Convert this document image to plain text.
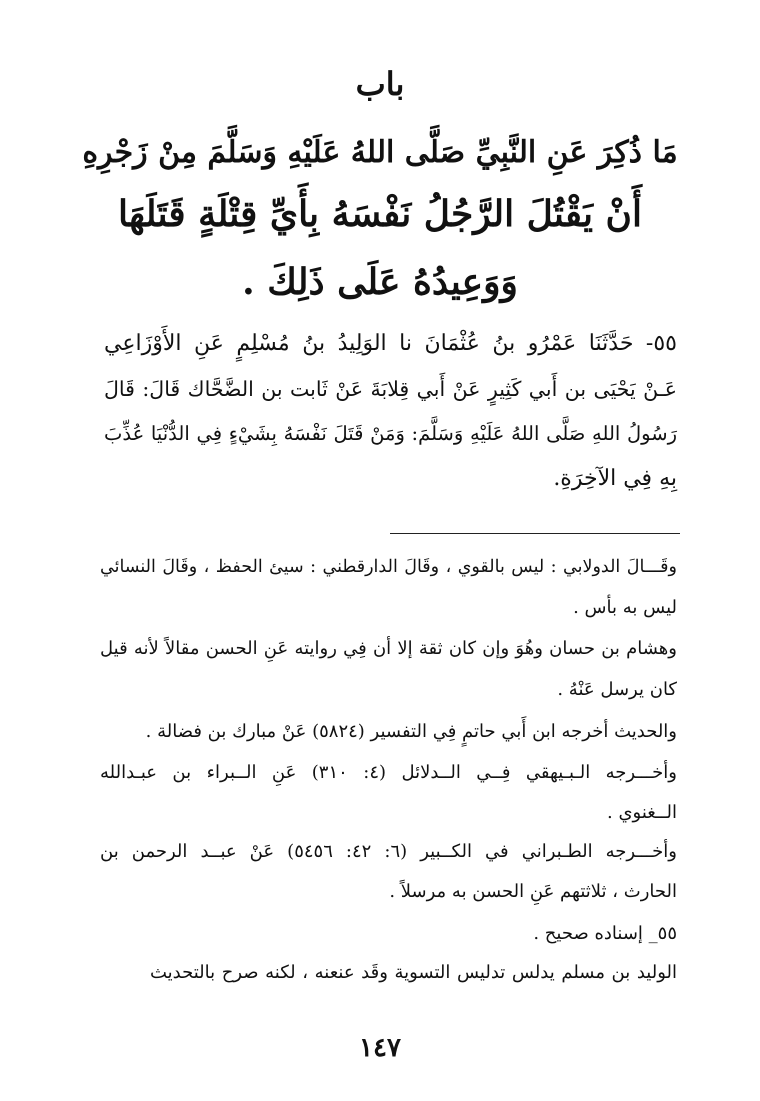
باب
مَا ذُكِرَ عَنِ النَّبِيِّ صَلَّى اللهُ عَلَيْهِ وَسَلَّمَ مِنْ زَجْرِهِ
أَنْ يَقْتُلَ الرَّجُلُ نَفْسَهُ بِأَيِّ قِتْلَةٍ قَتَلَهَا
وَوَعِيدُهُ عَلَى ذَلِكَ .
٥٥- حَدَّثَنَا عَمْرُو بنُ عُثْمَانَ نا الوَلِيدُ بنُ مُسْلِمٍ عَنِ الأَوْزَاعِي
عَـنْ يَحْيَى بن أَبي كَثِيرٍ عَنْ أَبي قِلابَةَ عَنْ ثَابت بن الضَّحَّاك قَالَ: قَالَ
رَسُولُ اللهِ صَلَّى اللهُ عَلَيْهِ وَسَلَّمَ: وَمَنْ قَتَلَ نَفْسَهُ بِشَيْءٍ فِي الدُّنْيَا عُذِّبَ
بِهِ فِي الآخِرَةِ.
وقَـــالَ الدولابي : ليس بالقوي ، وقَالَ الدارقطني : سيئ الحفظ ، وقَالَ النسائي
ليس به بأس .
وهشام بن حسان وهُوَ وإن كان ثقة إلا أن فِي روايته عَنِ الحسن مقالاً لأنه قيل
كان يرسل عَنْهُ .
والحديث أخرجه ابن أَبي حاتمٍ فِي التفسير (٥٨٢٤) عَنْ مبارك بن فضالة .
وأخـــرجه الـبـيهقي فِــي الــدلائل (٤: ٣١٠) عَنِ الــبراء بن عبـدالله
الــغنوي .
وأخـــرجه الطـبراني في الكــبير (٦: ٤٢: ٥٤٥٦) عَنْ عبــد الرحمن بن
الحارث ، ثلاثتهم عَنِ الحسن به مرسلاً .
٥٥_ إسناده صحيح .
الوليد بن مسلم يدلس تدليس التسوية وقَد عنعنه ، لكنه صرح بالتحديث
١٤٧
